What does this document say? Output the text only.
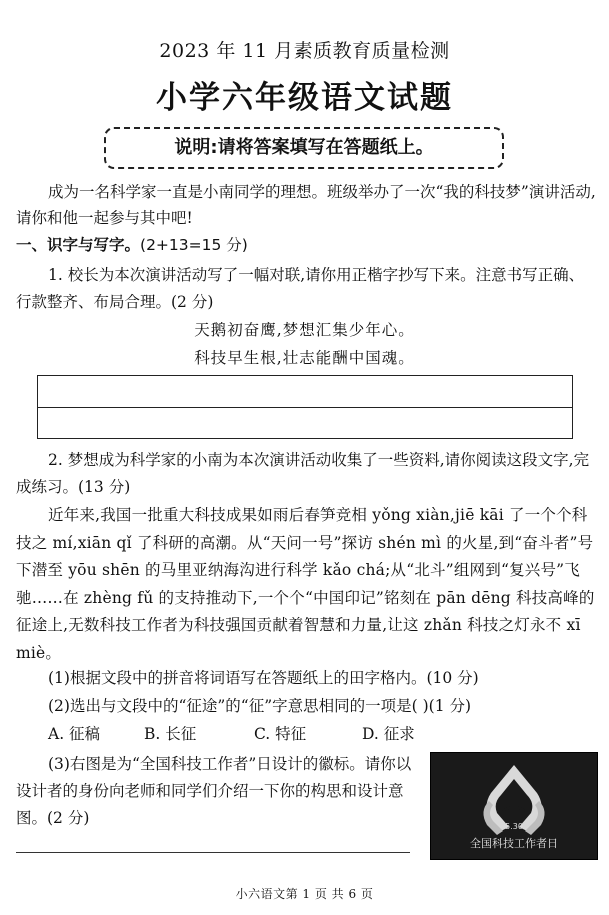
2023 年 11 月素质教育质量检测
小学六年级语文试题
说明:请将答案填写在答题纸上。
成为一名科学家一直是小南同学的理想。班级举办了一次“我的科技梦”演讲活动,请你和他一起参与其中吧!
一、识字与写字。(2+13=15 分)
1. 校长为本次演讲活动写了一幅对联,请你用正楷字抄写下来。注意书写正确、行款整齐、布局合理。(2 分)
天鹅初奋鹰,梦想汇集少年心。
科技早生根,壮志能酬中国魂。
2. 梦想成为科学家的小南为本次演讲活动收集了一些资料,请你阅读这段文字,完成练习。(13 分)
近年来,我国一批重大科技成果如雨后春笋竞相 yǒng xiàn,jiē kāi 了一个个科技之 mí,xiān qǐ 了科研的高潮。从“天问一号”探访 shén mì 的火星,到“奋斗者”号下潜至 yōu shēn 的马里亚纳海沟进行科学 kǎo chá;从“北斗”组网到“复兴号”飞驰……在 zhèng fǔ 的支持推动下,一个个“中国印记”铭刻在 pān dēng 科技高峰的征途上,无数科技工作者为科技强国贡献着智慧和力量,让这 zhǎn 科技之灯永不 xī miè。
(1)根据文段中的拼音将词语写在答题纸上的田字格内。(10 分)
(2)选出与文段中的“征途”的“征”字意思相同的一项是( )(1 分)
A. 征稿	B. 长征	C. 特征	D. 征求
(3)右图是为“全国科技工作者”日设计的徽标。请你以设计者的身份向老师和同学们介绍一下你的构思和设计意图。(2 分)	5.30
全国科技工作者日
小六语文第 1 页 共 6 页
